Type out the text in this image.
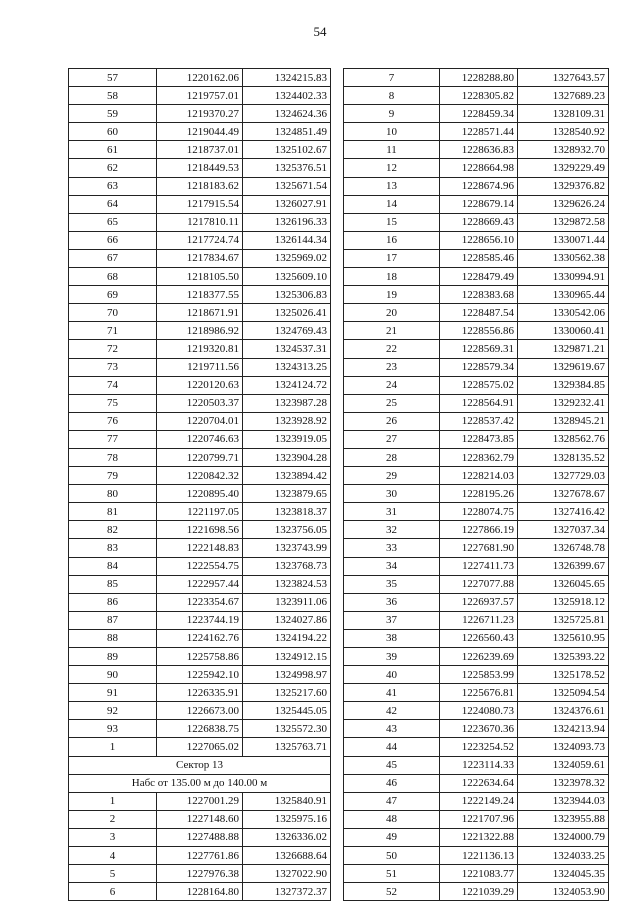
54
57	1220162.06	1324215.83
58	1219757.01	1324402.33
59	1219370.27	1324624.36
60	1219044.49	1324851.49
61	1218737.01	1325102.67
62	1218449.53	1325376.51
63	1218183.62	1325671.54
64	1217915.54	1326027.91
65	1217810.11	1326196.33
66	1217724.74	1326144.34
67	1217834.67	1325969.02
68	1218105.50	1325609.10
69	1218377.55	1325306.83
70	1218671.91	1325026.41
71	1218986.92	1324769.43
72	1219320.81	1324537.31
73	1219711.56	1324313.25
74	1220120.63	1324124.72
75	1220503.37	1323987.28
76	1220704.01	1323928.92
77	1220746.63	1323919.05
78	1220799.71	1323904.28
79	1220842.32	1323894.42
80	1220895.40	1323879.65
81	1221197.05	1323818.37
82	1221698.56	1323756.05
83	1222148.83	1323743.99
84	1222554.75	1323768.73
85	1222957.44	1323824.53
86	1223354.67	1323911.06
87	1223744.19	1324027.86
88	1224162.76	1324194.22
89	1225758.86	1324912.15
90	1225942.10	1324998.97
91	1226335.91	1325217.60
92	1226673.00	1325445.05
93	1226838.75	1325572.30
1	1227065.02	1325763.71
Сектор 13		
Набс от 135.00 м до 140.00 м		
1	1227001.29	1325840.91
2	1227148.60	1325975.16
3	1227488.88	1326336.02
4	1227761.86	1326688.64
5	1227976.38	1327022.90
6	1228164.80	1327372.37
7	1228288.80	1327643.57
8	1228305.82	1327689.23
9	1228459.34	1328109.31
10	1228571.44	1328540.92
11	1228636.83	1328932.70
12	1228664.98	1329229.49
13	1228674.96	1329376.82
14	1228679.14	1329626.24
15	1228669.43	1329872.58
16	1228656.10	1330071.44
17	1228585.46	1330562.38
18	1228479.49	1330994.91
19	1228383.68	1330965.44
20	1228487.54	1330542.06
21	1228556.86	1330060.41
22	1228569.31	1329871.21
23	1228579.34	1329619.67
24	1228575.02	1329384.85
25	1228564.91	1329232.41
26	1228537.42	1328945.21
27	1228473.85	1328562.76
28	1228362.79	1328135.52
29	1228214.03	1327729.03
30	1228195.26	1327678.67
31	1228074.75	1327416.42
32	1227866.19	1327037.34
33	1227681.90	1326748.78
34	1227411.73	1326399.67
35	1227077.88	1326045.65
36	1226937.57	1325918.12
37	1226711.23	1325725.81
38	1226560.43	1325610.95
39	1226239.69	1325393.22
40	1225853.99	1325178.52
41	1225676.81	1325094.54
42	1224080.73	1324376.61
43	1223670.36	1324213.94
44	1223254.52	1324093.73
45	1223114.33	1324059.61
46	1222634.64	1323978.32
47	1222149.24	1323944.03
48	1221707.96	1323955.88
49	1221322.88	1324000.79
50	1221136.13	1324033.25
51	1221083.77	1324045.35
52	1221039.29	1324053.90
